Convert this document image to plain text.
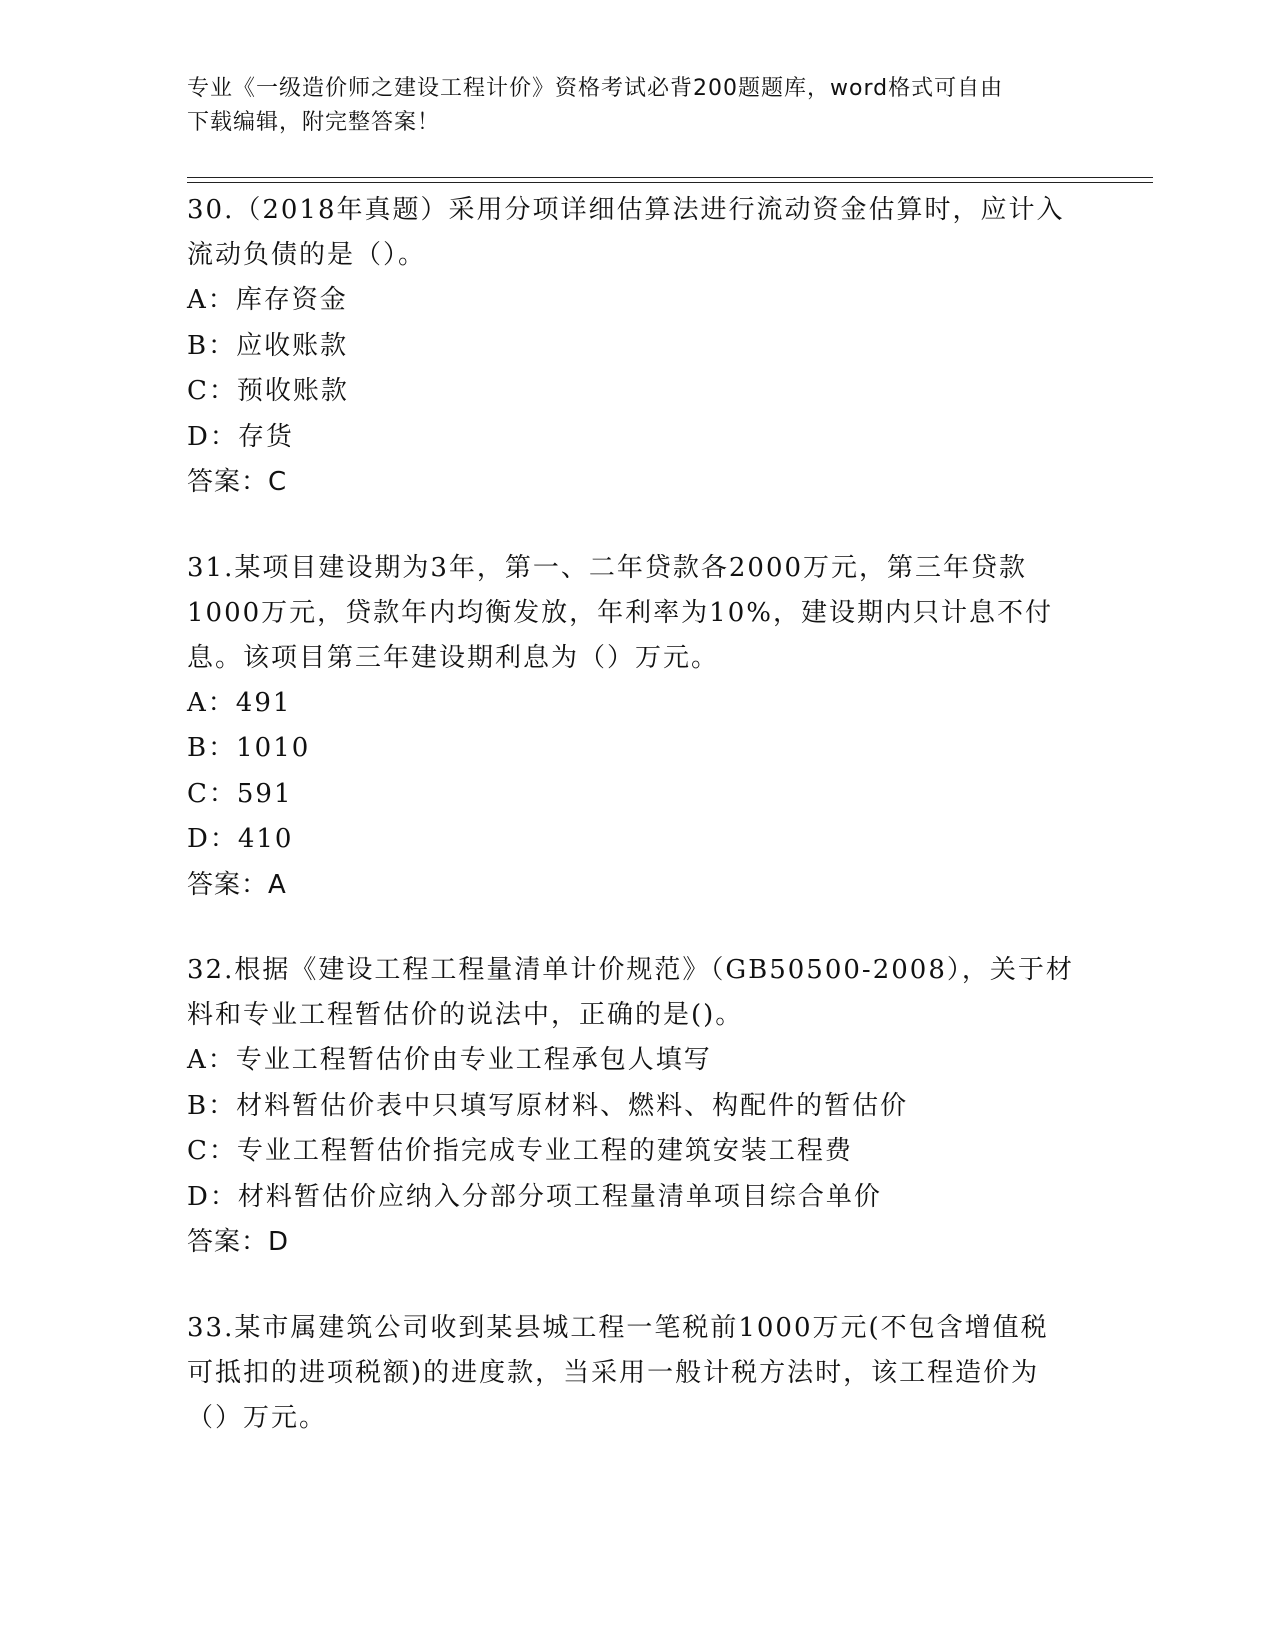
专业《一级造价师之建设工程计价》资格考试必背200题题库，word格式可自由
下载编辑，附完整答案！

30.（2018年真题）采用分项详细估算法进行流动资金估算时，应计入

流动负债的是（）。

A：库存资金

B：应收账款

C：预收账款

D：存货

答案：C

31.某项目建设期为3年，第一、二年贷款各2000万元，第三年贷款

1000万元，贷款年内均衡发放，年利率为10%，建设期内只计息不付

息。该项目第三年建设期利息为（）万元。

A：491

B：1010

C：591

D：410

答案：A

32.根据《建设工程工程量清单计价规范》（GB50500-2008），关于材

料和专业工程暂估价的说法中，正确的是()。

A：专业工程暂估价由专业工程承包人填写

B：材料暂估价表中只填写原材料、燃料、构配件的暂估价

C：专业工程暂估价指完成专业工程的建筑安装工程费

D：材料暂估价应纳入分部分项工程量清单项目综合单价

答案：D

33.某市属建筑公司收到某县城工程一笔税前1000万元(不包含增值税

可抵扣的进项税额)的进度款，当采用一般计税方法时，该工程造价为

（）万元。
